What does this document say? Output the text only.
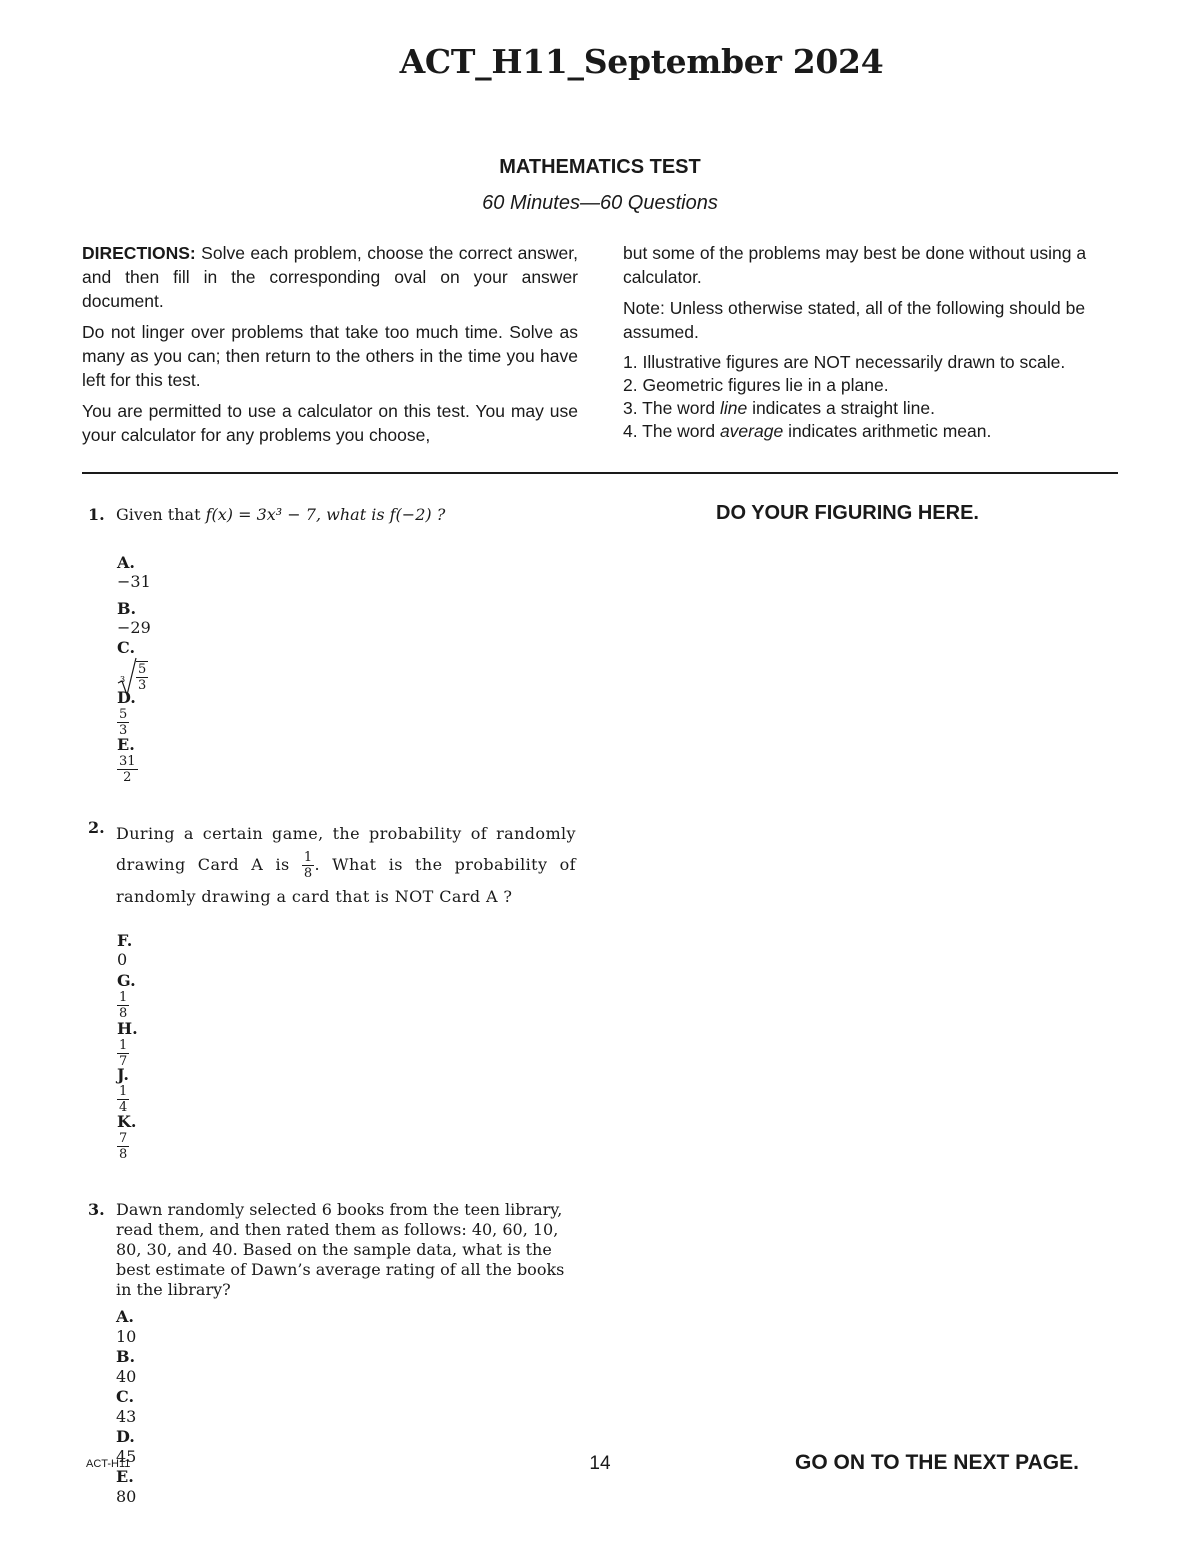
ACT_H11_September 2024
MATHEMATICS TEST
60 Minutes—60 Questions

DIRECTIONS: Solve each problem, choose the correct answer, and then fill in the corresponding oval on your answer document.

Do not linger over problems that take too much time. Solve as many as you can; then return to the others in the time you have left for this test.

You are permitted to use a calculator on this test. You may use your calculator for any problems you choose,

but some of the problems may best be done without using a calculator.

Note: Unless otherwise stated, all of the following should be assumed.

1. Illustrative figures are NOT necessarily drawn to scale.
2. Geometric figures lie in a plane.
3. The word line indicates a straight line.
4. The word average indicates arithmetic mean.
DO YOUR FIGURING HERE.
1. Given that f(x) = 3x³ − 7, what is f(−2) ?
A.−31
B.−29
C.
$3 \frac{5}{3}$
D.
$\frac{5}{3}$
E.
$\frac{31}{2}$
2. During a certain game, the probability of randomly drawing Card A is $\frac{1}{8}$ . What is the probability of randomly drawing a card that is NOT Card A ?
F.0
G.
$\frac{1}{8}$
H.
$\frac{1}{7}$
J.
$\frac{1}{4}$
K.
$\frac{7}{8}$
3. Dawn randomly selected 6 books from the teen library, read them, and then rated them as follows: 40, 60, 10, 80, 30, and 40. Based on the sample data, what is the best estimate of Dawn’s average rating of all the books in the library?
A.10
B.40
C.43
D.45
E.80
ACT-H11	14	GO ON TO THE NEXT PAGE.
